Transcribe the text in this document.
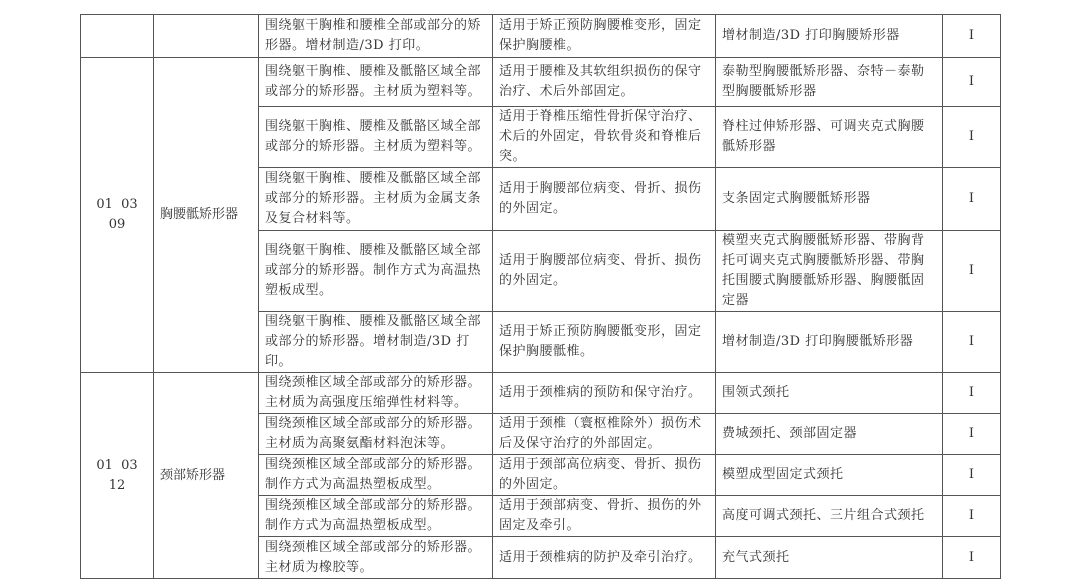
		围绕躯干胸椎和腰椎全部或部分的矫形器。增材制造/3D 打印。	适用于矫正预防胸腰椎变形，固定保护胸腰椎。	增材制造/3D 打印胸腰矫形器	Ⅰ
01 03 09	胸腰骶矫形器	围绕躯干胸椎、腰椎及骶骼区域全部或部分的矫形器。主材质为塑料等。	适用于腰椎及其软组织损伤的保守治疗、术后外部固定。	泰勒型胸腰骶矫形器、奈特－泰勒型胸腰骶矫形器	Ⅰ
		围绕躯干胸椎、腰椎及骶骼区域全部或部分的矫形器。主材质为塑料等。	适用于脊椎压缩性骨折保守治疗、术后的外固定，骨软骨炎和脊椎后突。	脊柱过伸矫形器、可调夹克式胸腰骶矫形器	Ⅰ
		围绕躯干胸椎、腰椎及骶骼区域全部或部分的矫形器。主材质为金属支条及复合材料等。	适用于胸腰部位病变、骨折、损伤的外固定。	支条固定式胸腰骶矫形器	Ⅰ
		围绕躯干胸椎、腰椎及骶骼区域全部或部分的矫形器。制作方式为高温热塑板成型。	适用于胸腰部位病变、骨折、损伤的外固定。	模塑夹克式胸腰骶矫形器、带胸背托可调夹克式胸腰骶矫形器、带胸托围腰式胸腰骶矫形器、胸腰骶固定器	Ⅰ
		围绕躯干胸椎、腰椎及骶骼区域全部或部分的矫形器。增材制造/3D 打印。	适用于矫正预防胸腰骶变形，固定保护胸腰骶椎。	增材制造/3D 打印胸腰骶矫形器	Ⅰ
01 03 12	颈部矫形器	围绕颈椎区域全部或部分的矫形器。主材质为高强度压缩弹性材料等。	适用于颈椎病的预防和保守治疗。	围领式颈托	Ⅰ
		围绕颈椎区域全部或部分的矫形器。主材质为高聚氨酯材料泡沫等。	适用于颈椎（寰枢椎除外）损伤术后及保守治疗的外部固定。	费城颈托、颈部固定器	Ⅰ
		围绕颈椎区域全部或部分的矫形器。制作方式为高温热塑板成型。	适用于颈部高位病变、骨折、损伤的外固定。	模塑成型固定式颈托	Ⅰ
		围绕颈椎区域全部或部分的矫形器。制作方式为高温热塑板成型。	适用于颈部病变、骨折、损伤的外固定及牵引。	高度可调式颈托、三片组合式颈托	Ⅰ
		围绕颈椎区域全部或部分的矫形器。主材质为橡胶等。	适用于颈椎病的防护及牵引治疗。	充气式颈托	Ⅰ
